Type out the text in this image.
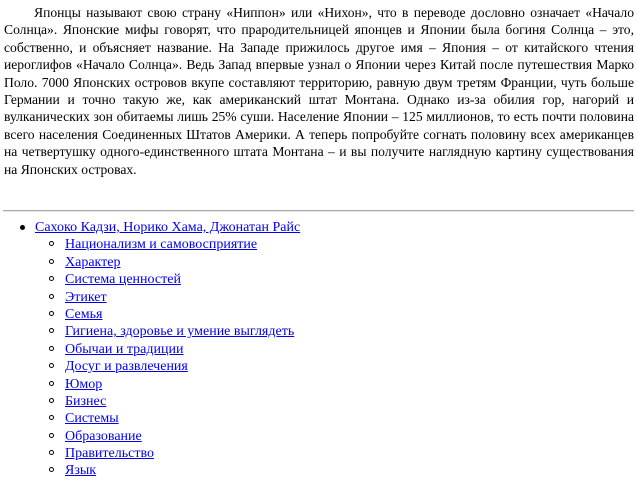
Японцы называют свою страну «Ниппон» или «Нихон», что в переводе дословно означает «Начало Солнца». Японские мифы говорят, что прародительницей японцев и Японии была богиня Солнца – это, собственно, и объясняет название. На Западе прижилось другое имя – Япония – от китайского чтения иероглифов «Начало Солнца». Ведь Запад впервые узнал о Японии через Китай после путешествия Марко Поло. 7000 Японских островов вкупе составляют территорию, равную двум третям Франции, чуть больше Германии и точно такую же, как американский штат Монтана. Однако из-за обилия гор, нагорий и вулканических зон обитаемы лишь 25% суши. Население Японии – 125 миллионов, то есть почти половина всего населения Соединенных Штатов Америки. А теперь попробуйте согнать половину всех американцев на четвертушку одного-единственного штата Монтана – и вы получите наглядную картину существования на Японских островах.

Сахоко Кадзи, Норико Хама, Джонатан Райс
Национализм и самовосприятие
Характер
Система ценностей
Этикет
Семья
Гигиена, здоровье и умение выглядеть
Обычаи и традиции
Досуг и развлечения
Юмор
Бизнес
Системы
Образование
Правительство
Язык
